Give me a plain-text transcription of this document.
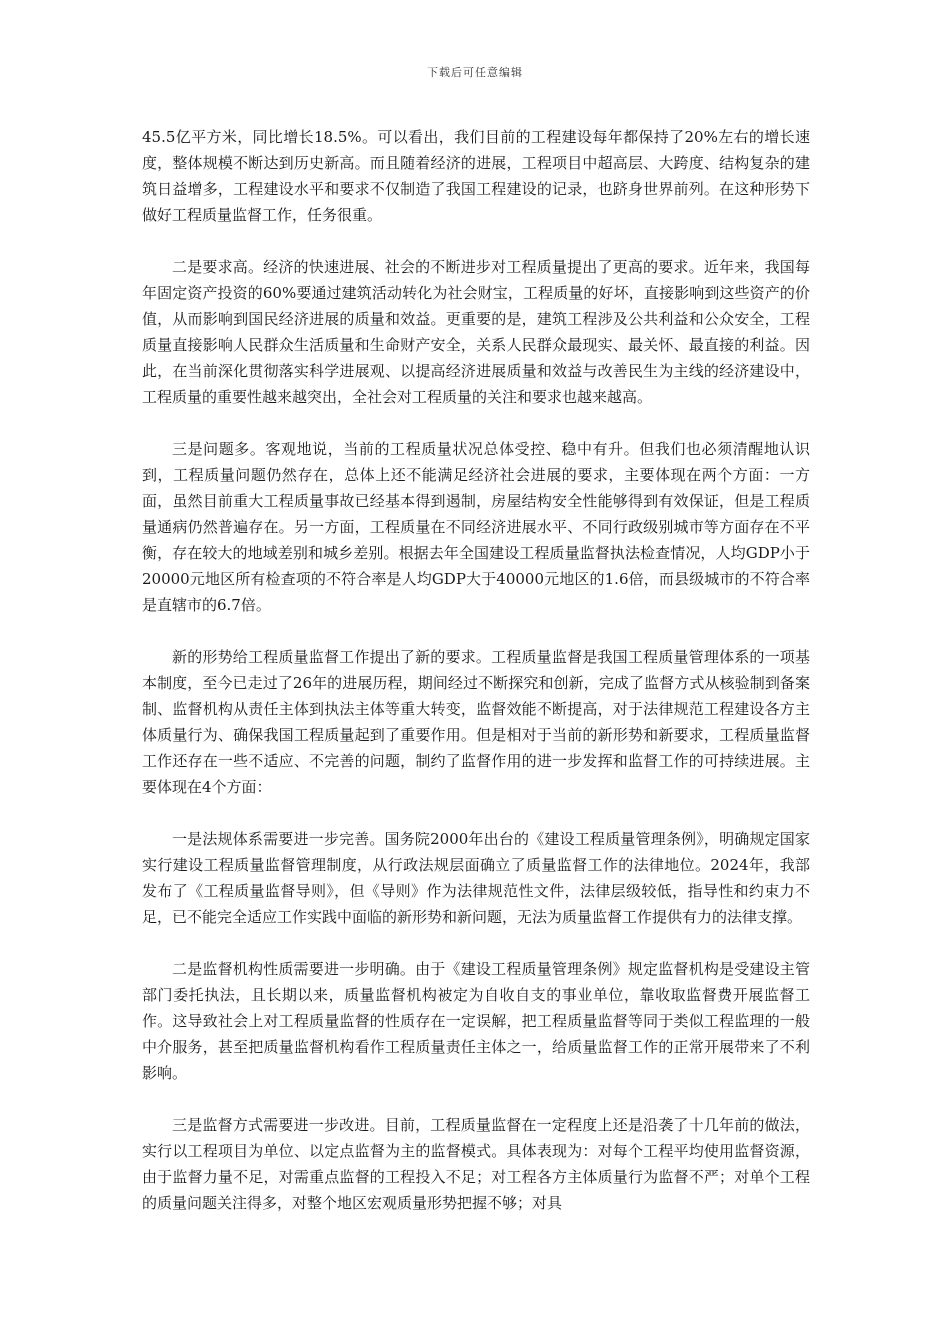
下载后可任意编辑

45.5亿平方米，同比增长18.5%。可以看出，我们目前的工程建设每年都保持了20%左右的增长速度，整体规模不断达到历史新高。而且随着经济的进展，工程项目中超高层、大跨度、结构复杂的建筑日益增多，工程建设水平和要求不仅制造了我国工程建设的记录，也跻身世界前列。在这种形势下做好工程质量监督工作，任务很重。

二是要求高。经济的快速进展、社会的不断进步对工程质量提出了更高的要求。近年来，我国每年固定资产投资的60%要通过建筑活动转化为社会财宝，工程质量的好坏，直接影响到这些资产的价值，从而影响到国民经济进展的质量和效益。更重要的是，建筑工程涉及公共利益和公众安全，工程质量直接影响人民群众生活质量和生命财产安全，关系人民群众最现实、最关怀、最直接的利益。因此，在当前深化贯彻落实科学进展观、以提高经济进展质量和效益与改善民生为主线的经济建设中，工程质量的重要性越来越突出，全社会对工程质量的关注和要求也越来越高。

三是问题多。客观地说，当前的工程质量状况总体受控、稳中有升。但我们也必须清醒地认识到，工程质量问题仍然存在，总体上还不能满足经济社会进展的要求，主要体现在两个方面：一方面，虽然目前重大工程质量事故已经基本得到遏制，房屋结构安全性能够得到有效保证，但是工程质量通病仍然普遍存在。另一方面，工程质量在不同经济进展水平、不同行政级别城市等方面存在不平衡，存在较大的地域差别和城乡差别。根据去年全国建设工程质量监督执法检查情况，人均GDP小于20000元地区所有检查项的不符合率是人均GDP大于40000元地区的1.6倍，而县级城市的不符合率是直辖市的6.7倍。

新的形势给工程质量监督工作提出了新的要求。工程质量监督是我国工程质量管理体系的一项基本制度，至今已走过了26年的进展历程，期间经过不断探究和创新，完成了监督方式从核验制到备案制、监督机构从责任主体到执法主体等重大转变，监督效能不断提高，对于法律规范工程建设各方主体质量行为、确保我国工程质量起到了重要作用。但是相对于当前的新形势和新要求，工程质量监督工作还存在一些不适应、不完善的问题，制约了监督作用的进一步发挥和监督工作的可持续进展。主要体现在4个方面：

一是法规体系需要进一步完善。国务院2000年出台的《建设工程质量管理条例》，明确规定国家实行建设工程质量监督管理制度，从行政法规层面确立了质量监督工作的法律地位。2024年，我部发布了《工程质量监督导则》，但《导则》作为法律规范性文件，法律层级较低，指导性和约束力不足，已不能完全适应工作实践中面临的新形势和新问题，无法为质量监督工作提供有力的法律支撑。

二是监督机构性质需要进一步明确。由于《建设工程质量管理条例》规定监督机构是受建设主管部门委托执法，且长期以来，质量监督机构被定为自收自支的事业单位，靠收取监督费开展监督工作。这导致社会上对工程质量监督的性质存在一定误解，把工程质量监督等同于类似工程监理的一般中介服务，甚至把质量监督机构看作工程质量责任主体之一，给质量监督工作的正常开展带来了不利影响。

三是监督方式需要进一步改进。目前，工程质量监督在一定程度上还是沿袭了十几年前的做法，实行以工程项目为单位、以定点监督为主的监督模式。具体表现为：对每个工程平均使用监督资源，由于监督力量不足，对需重点监督的工程投入不足；对工程各方主体质量行为监督不严；对单个工程的质量问题关注得多，对整个地区宏观质量形势把握不够；对具
